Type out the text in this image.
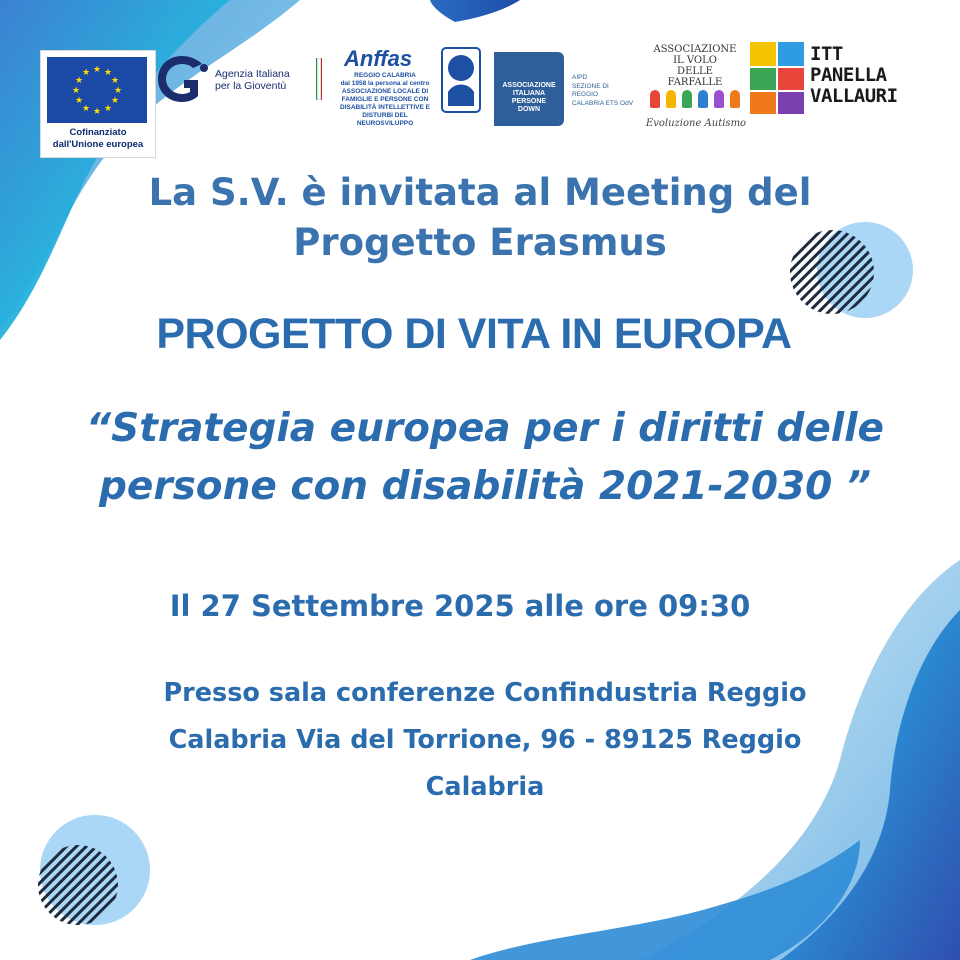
★ ★
★
★
★
★
★
★
★
★
★
★
Cofinanziato
dall'Unione europea
Agenzia Italiana
per la Gioventù
Anffas
REGGIO CALABRIA
dal 1958 la persona al centro
ASSOCIAZIONE LOCALE DI
FAMIGLIE E PERSONE CON
DISABILITÀ INTELLETTIVE E
DISTURBI DEL NEUROSVILUPPO
ASSOCIAZIONE
ITALIANA
PERSONE
DOWN
AIPD
SEZIONE DI REGGIO
CALABRIA ETS OdV
ASSOCIAZIONE
IL VOLO
DELLE
FARFALLE
Evoluzione Autismo
ITT
PANELLA
VALLAURI
La S.V. è invitata al Meeting del
Progetto Erasmus
PROGETTO DI VITA IN EUROPA
“Strategia europea per i diritti delle
persone con disabilità 2021-2030 ”
Il 27 Settembre 2025 alle ore 09:30
Presso sala conferenze Confindustria Reggio
Calabria Via del Torrione, 96 - 89125 Reggio
Calabria
